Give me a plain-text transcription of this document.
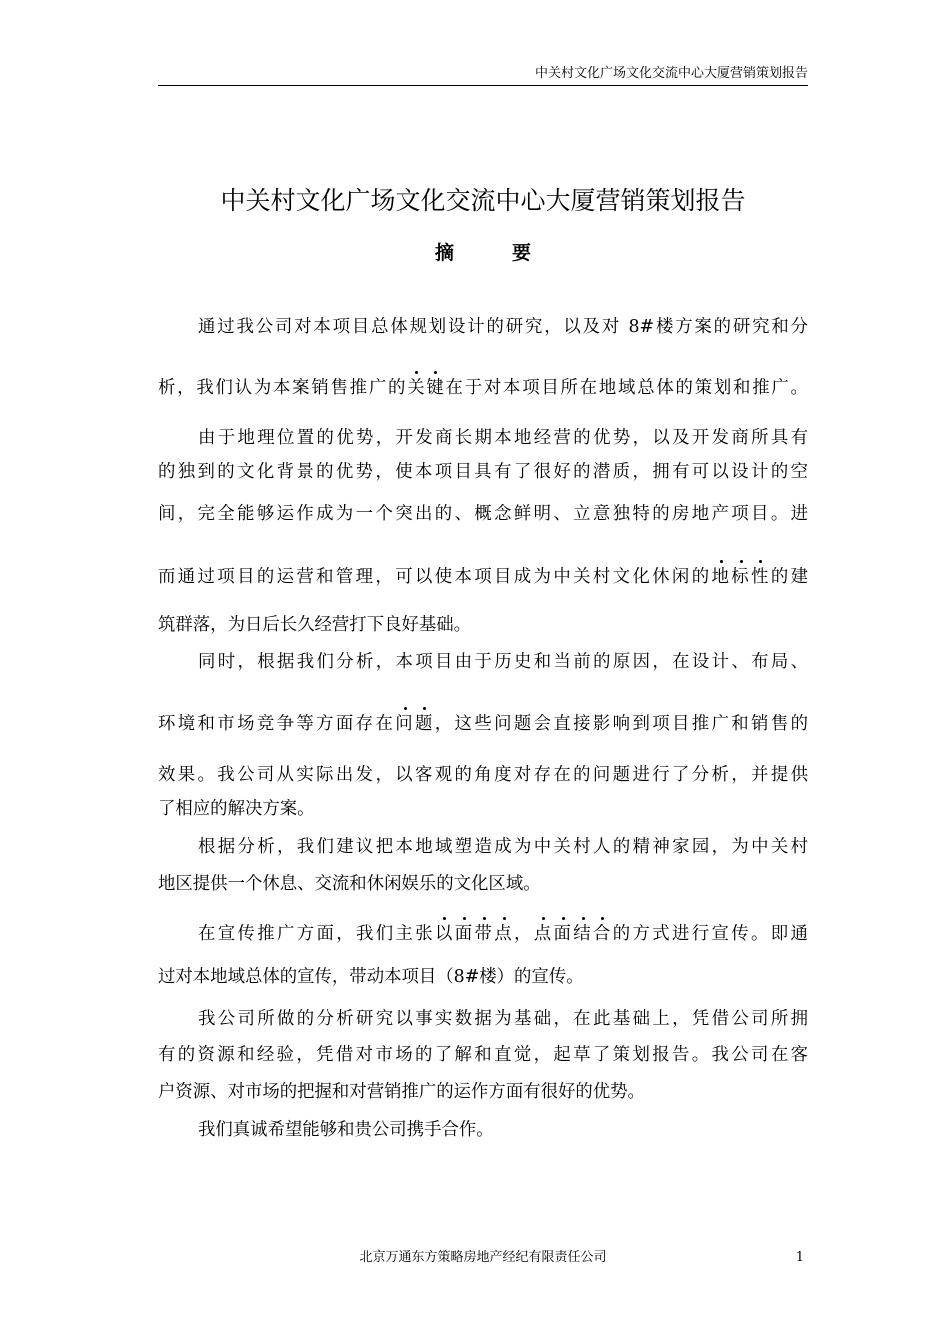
中关村文化广场文化交流中心大厦营销策划报告
中关村文化广场文化交流中心大厦营销策划报告
摘	要
通过我公司对本项目总体规划设计的研究，以及对 8#楼方案的研究和分
析，我们认为本案销售推广的关键在于对本项目所在地域总体的策划和推广。
由于地理位置的优势，开发商长期本地经营的优势，以及开发商所具有
的独到的文化背景的优势，使本项目具有了很好的潜质，拥有可以设计的空
间，完全能够运作成为一个突出的、概念鲜明、立意独特的房地产项目。进
而通过项目的运营和管理，可以使本项目成为中关村文化休闲的地标性的建
筑群落，为日后长久经营打下良好基础。
同时，根据我们分析，本项目由于历史和当前的原因，在设计、布局、
环境和市场竞争等方面存在问题，这些问题会直接影响到项目推广和销售的
效果。我公司从实际出发，以客观的角度对存在的问题进行了分析，并提供
了相应的解决方案。
根据分析，我们建议把本地域塑造成为中关村人的精神家园，为中关村
地区提供一个休息、交流和休闲娱乐的文化区域。
在宣传推广方面，我们主张以面带点，点面结合的方式进行宣传。即通
过对本地域总体的宣传，带动本项目（8#楼）的宣传。
我公司所做的分析研究以事实数据为基础，在此基础上，凭借公司所拥
有的资源和经验，凭借对市场的了解和直觉，起草了策划报告。我公司在客
户资源、对市场的把握和对营销推广的运作方面有很好的优势。
我们真诚希望能够和贵公司携手合作。
北京万通东方策略房地产经纪有限责任公司	1
